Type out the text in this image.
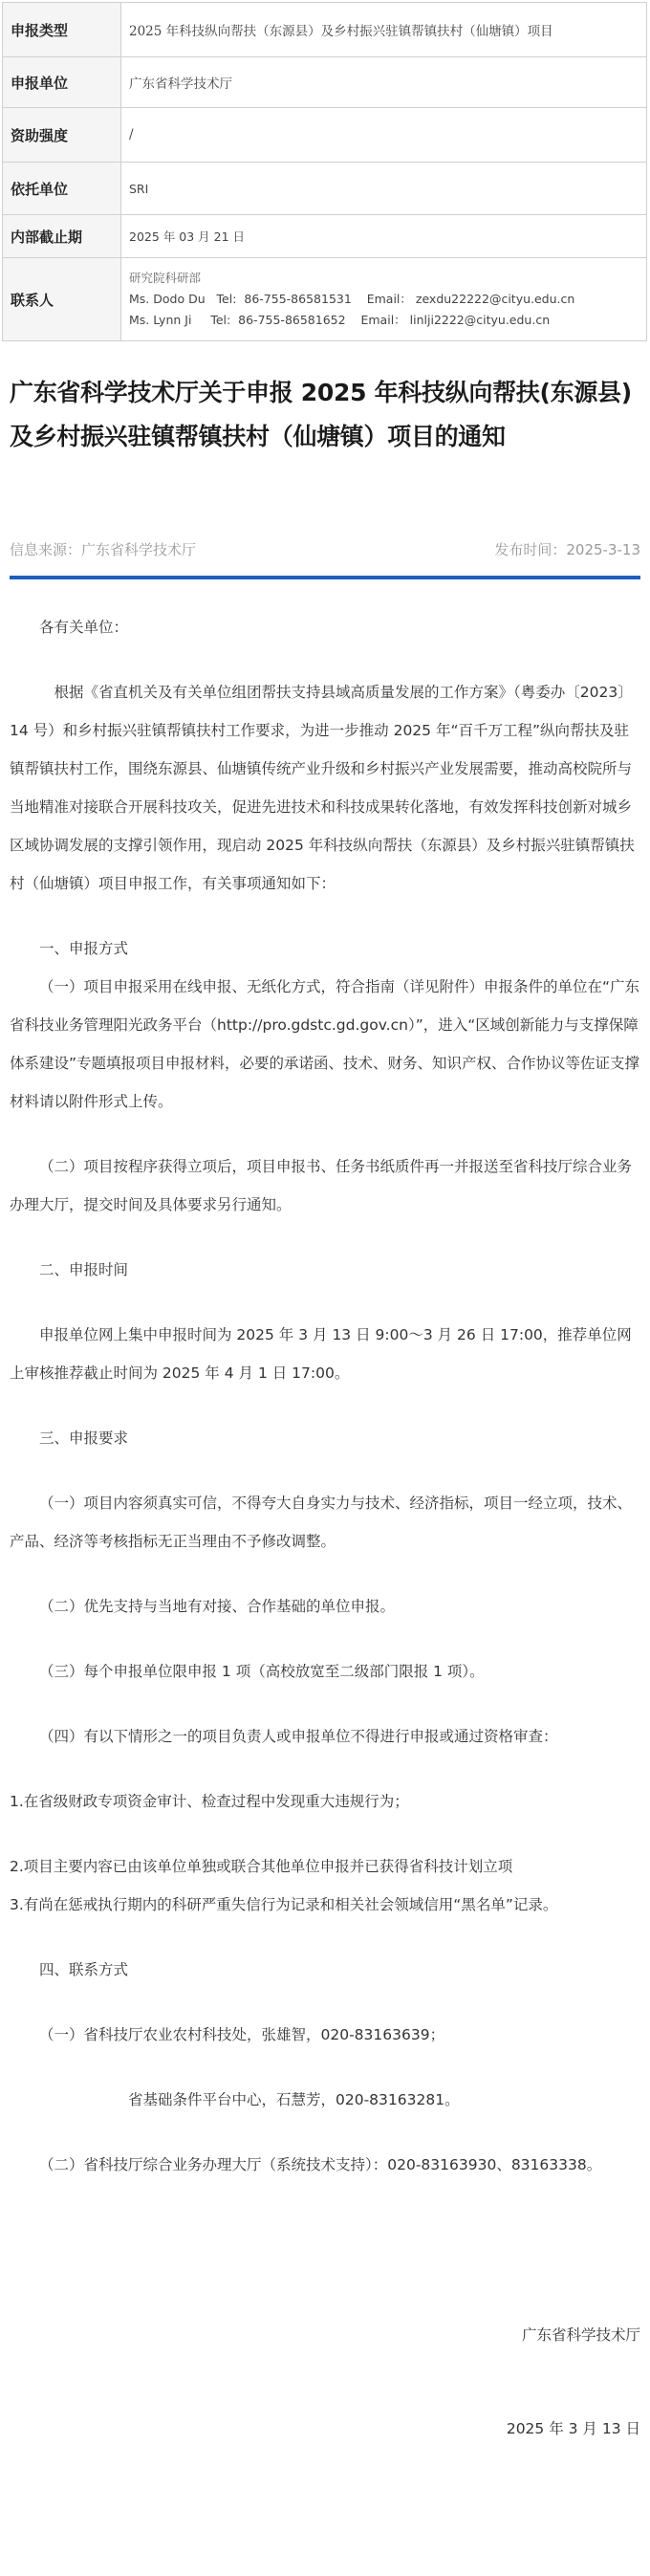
申报类型	2025 年科技纵向帮扶（东源县）及乡村振兴驻镇帮镇扶村（仙塘镇）项目
申报单位	广东省科学技术厅
资助强度	/
依托单位	SRI
内部截止期	2025 年 03 月 21 日
联系人	研究院科研部
Ms. Dodo Du Tel: 86-755-86581531 Email： zexdu22222@cityu.edu.cn
Ms. Lynn Ji Tel: 86-755-86581652 Email： linlji2222@cityu.edu.cn
广东省科学技术厅关于申报 2025 年科技纵向帮扶(东源县)及乡村振兴驻镇帮镇扶村（仙塘镇）项目的通知
信息来源：广东省科学技术厅	发布时间：2025-3-13

各有关单位：

根据《省直机关及有关单位组团帮扶支持县域高质量发展的工作方案》（粤委办〔2023〕14 号）和乡村振兴驻镇帮镇扶村工作要求，为进一步推动 2025 年“百千万工程”纵向帮扶及驻镇帮镇扶村工作，围绕东源县、仙塘镇传统产业升级和乡村振兴产业发展需要，推动高校院所与当地精准对接联合开展科技攻关，促进先进技术和科技成果转化落地，有效发挥科技创新对城乡区域协调发展的支撑引领作用，现启动 2025 年科技纵向帮扶（东源县）及乡村振兴驻镇帮镇扶村（仙塘镇）项目申报工作，有关事项通知如下：

一、申报方式

（一）项目申报采用在线申报、无纸化方式，符合指南（详见附件）申报条件的单位在“广东省科技业务管理阳光政务平台（http://pro.gdstc.gd.gov.cn）”，进入“区域创新能力与支撑保障体系建设”专题填报项目申报材料，必要的承诺函、技术、财务、知识产权、合作协议等佐证支撑材料请以附件形式上传。

（二）项目按程序获得立项后，项目申报书、任务书纸质件再一并报送至省科技厅综合业务办理大厅，提交时间及具体要求另行通知。

二、申报时间

申报单位网上集中申报时间为 2025 年 3 月 13 日 9:00～3 月 26 日 17:00，推荐单位网上审核推荐截止时间为 2025 年 4 月 1 日 17:00。

三、申报要求

（一）项目内容须真实可信，不得夸大自身实力与技术、经济指标，项目一经立项，技术、产品、经济等考核指标无正当理由不予修改调整。

（二）优先支持与当地有对接、合作基础的单位申报。

（三）每个申报单位限申报 1 项（高校放宽至二级部门限报 1 项）。

（四）有以下情形之一的项目负责人或申报单位不得进行申报或通过资格审查：

1.在省级财政专项资金审计、检查过程中发现重大违规行为；

2.项目主要内容已由该单位单独或联合其他单位申报并已获得省科技计划立项

3.有尚在惩戒执行期内的科研严重失信行为记录和相关社会领域信用“黑名单”记录。

四、联系方式

（一）省科技厅农业农村科技处，张雄智，020-83163639；

省基础条件平台中心，石慧芳，020-83163281。

（二）省科技厅综合业务办理大厅（系统技术支持）：020-83163930、83163338。

广东省科学技术厅

2025 年 3 月 13 日
